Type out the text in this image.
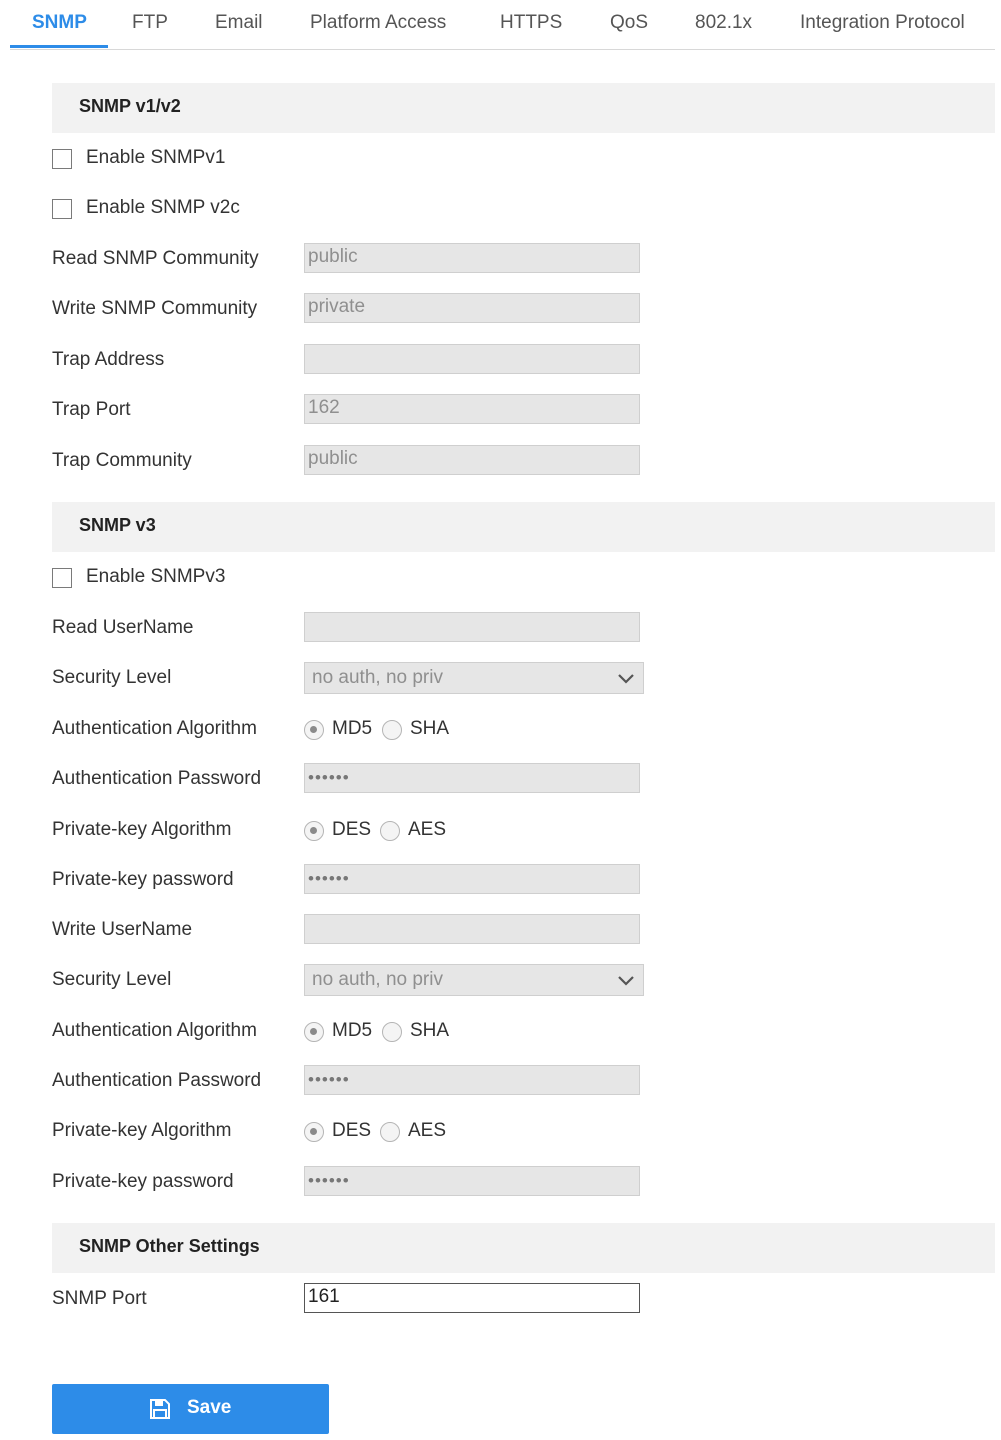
SNMP FTP Email Platform Access	HTTPS	QoS 802.1x	Integration Protocol
SNMP v1/v2
Enable SNMPv1
Enable SNMP v2c
Read SNMP Community	public
Write SNMP Community	private
Trap Address
Trap Port	162
Trap Community	public
SNMP v3
Enable SNMPv3
Read UserName
Security Level	no auth, no priv
Authentication Algorithm	MD5 SHA
Authentication Password	••••••
Private-key Algorithm	DES AES
Private-key password	••••••
Write UserName
Security Level	no auth, no priv
Authentication Algorithm	MD5 SHA
Authentication Password	••••••
Private-key Algorithm	DES AES
Private-key password	••••••
SNMP Other Settings
SNMP Port	161
Save
